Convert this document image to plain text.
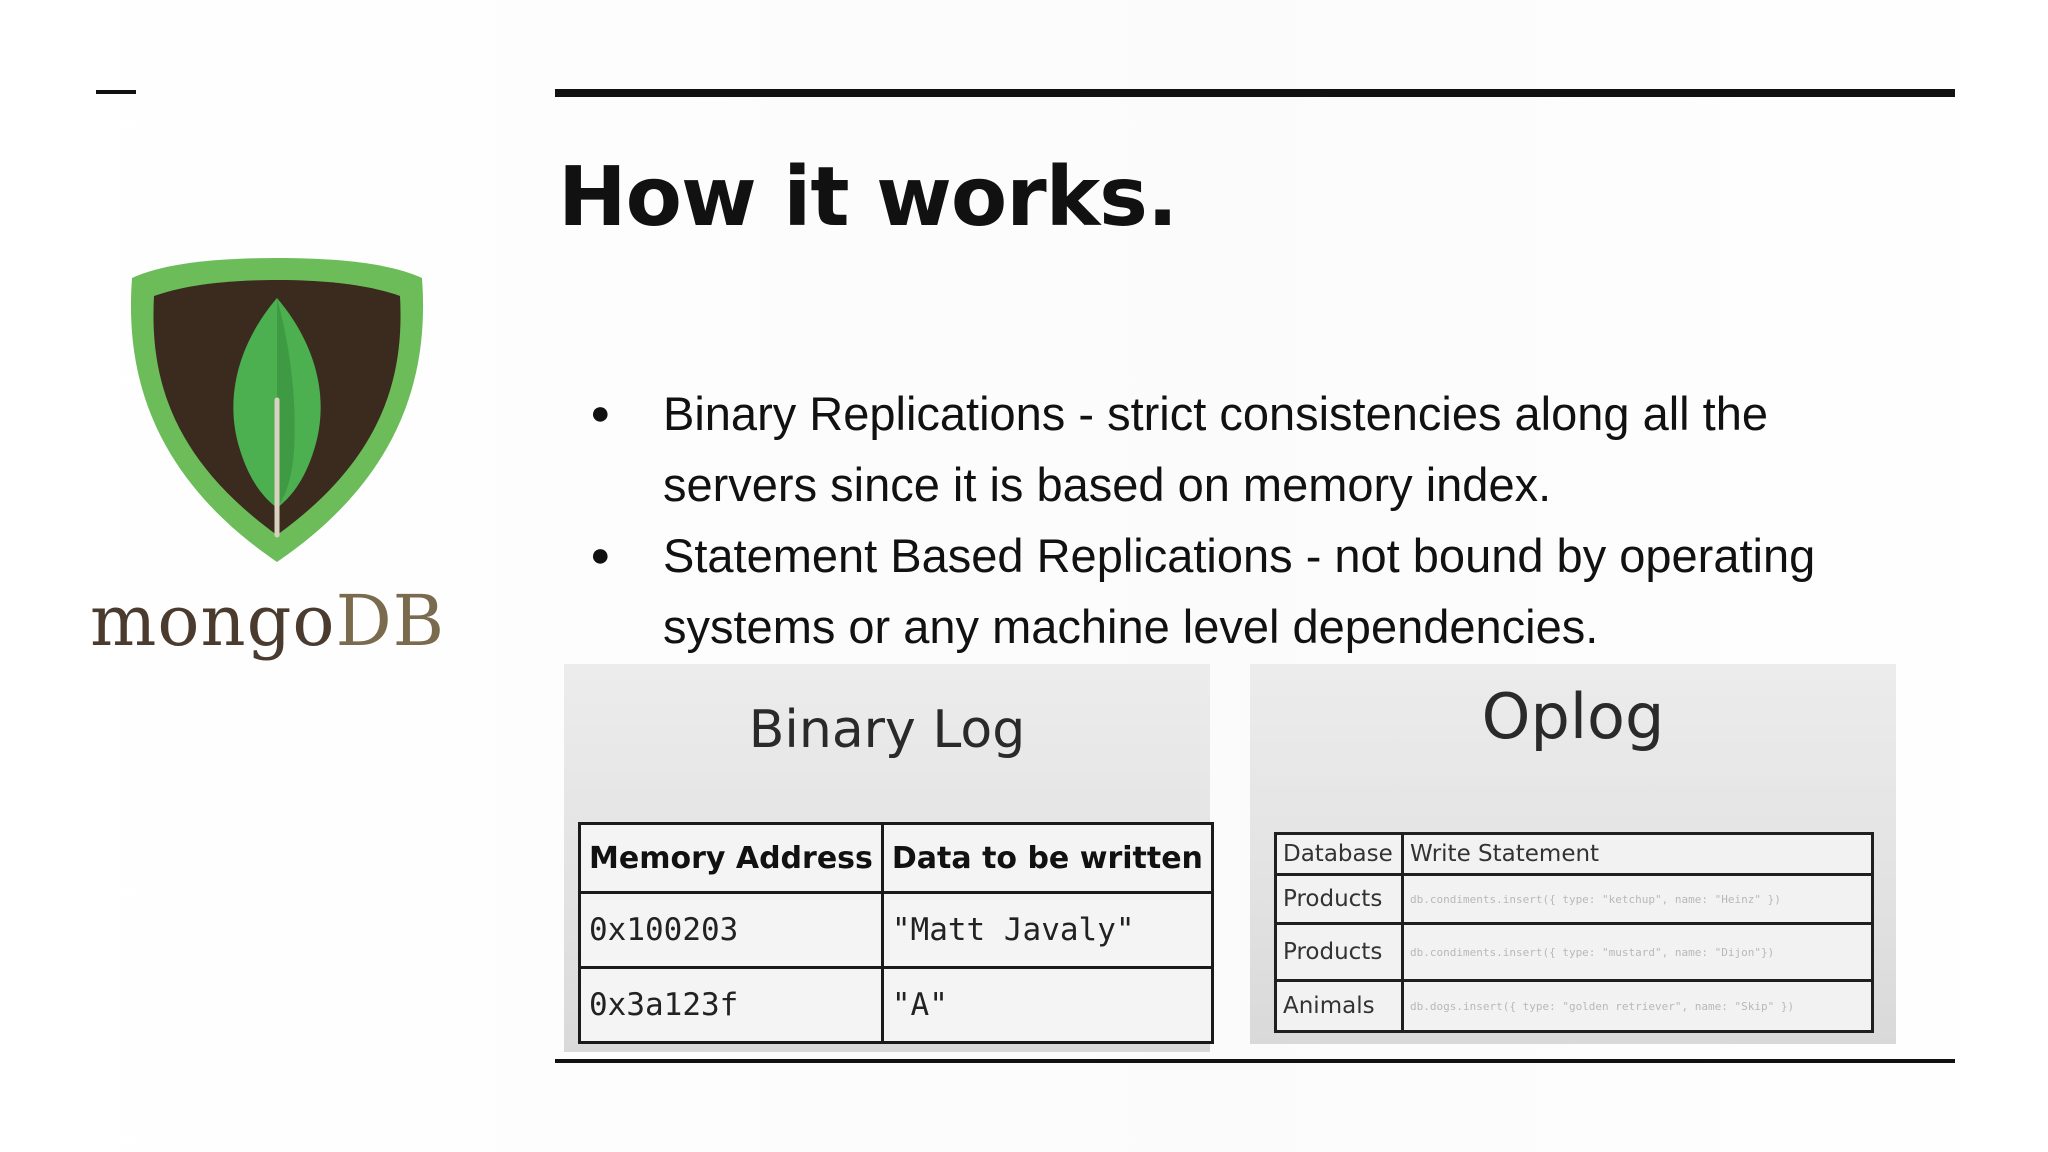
How it works.
mongoDB
● Binary Replications - strict consistencies along all the servers since it is based on memory index.
● Statement Based Replications - not bound by operating systems or any machine level dependencies.
Binary Log
Memory Address	Data to be written
0x100203	"Matt Javaly"
0x3a123f	"A"
Oplog
Database	Write Statement
Products	db.condiments.insert({ type: "ketchup", name: "Heinz" })
Products	db.condiments.insert({ type: "mustard", name: "Dijon"})
Animals	db.dogs.insert({ type: "golden retriever", name: "Skip" })
